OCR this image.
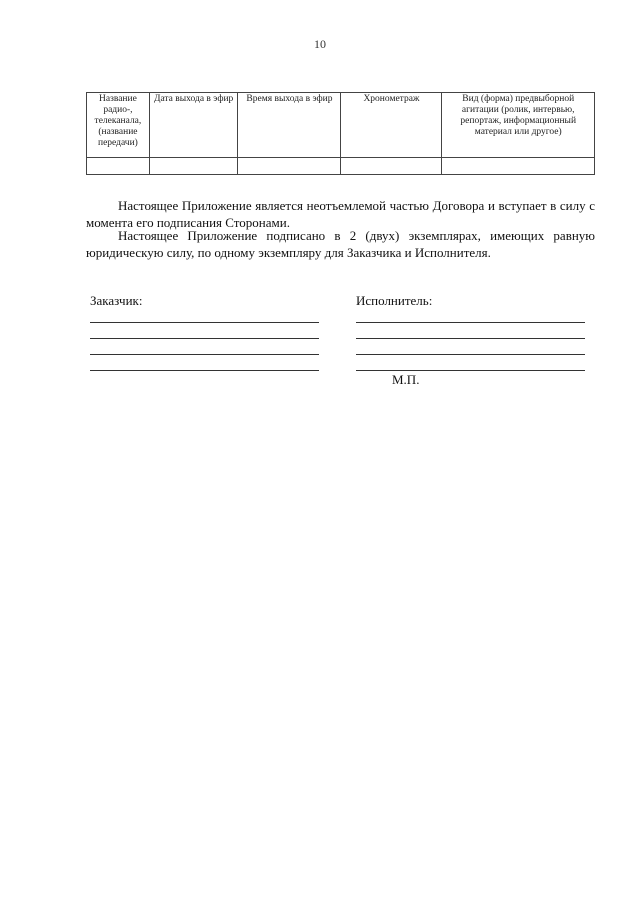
10
Название радио-, телеканала, (название передачи)	Дата выхода в эфир	Время выхода в эфир	Хронометраж	Вид (форма) предвыборной агитации (ролик, интервью, репортаж, информационный материал или другое)

Настоящее Приложение является неотъемлемой частью Договора и вступает в силу с момента его подписания Сторонами.
Настоящее Приложение подписано в 2 (двух) экземплярах, имеющих равную юридическую силу, по одному экземпляру для Заказчика и Исполнителя.
Заказчик:	Исполнитель:
М.П.
